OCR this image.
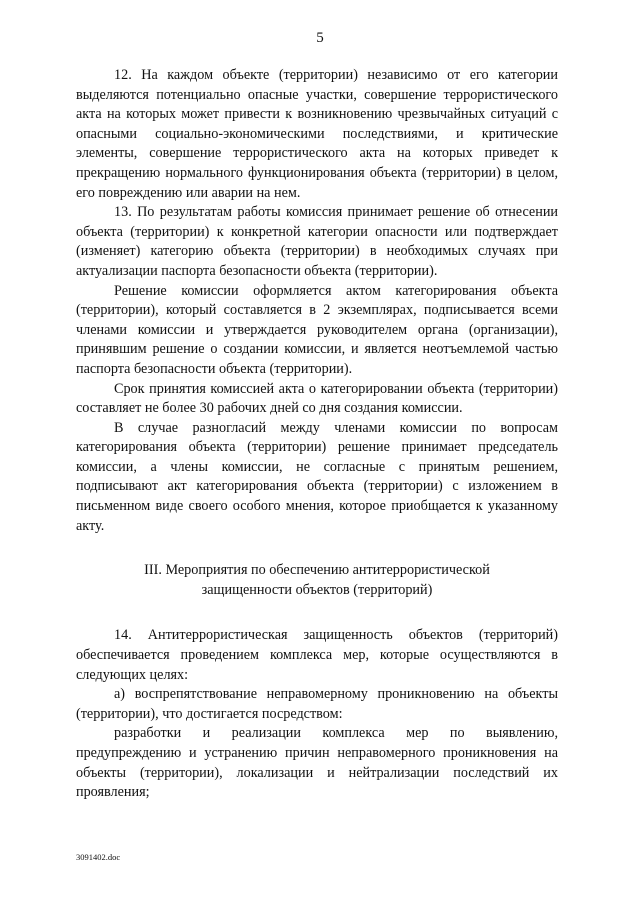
5

12. На каждом объекте (территории) независимо от его категории выделяются потенциально опасные участки, совершение террористического акта на которых может привести к возникновению чрезвычайных ситуаций с опасными социально-экономическими последствиями, и критические элементы, совершение террористического акта на которых приведет к прекращению нормального функционирования объекта (территории) в целом, его повреждению или аварии на нем.

13. По результатам работы комиссия принимает решение об отнесении объекта (территории) к конкретной категории опасности или подтверждает (изменяет) категорию объекта (территории) в необходимых случаях при актуализации паспорта безопасности объекта (территории).

Решение комиссии оформляется актом категорирования объекта (территории), который составляется в 2 экземплярах, подписывается всеми членами комиссии и утверждается руководителем органа (организации), принявшим решение о создании комиссии, и является неотъемлемой частью паспорта безопасности объекта (территории).

Срок принятия комиссией акта о категорировании объекта (территории) составляет не более 30 рабочих дней со дня создания комиссии.

В случае разногласий между членами комиссии по вопросам категорирования объекта (территории) решение принимает председатель комиссии, а члены комиссии, не согласные с принятым решением, подписывают акт категорирования объекта (территории) с изложением в письменном виде своего особого мнения, которое приобщается к указанному акту.

III. Мероприятия по обеспечению антитеррористической
защищенности объектов (территорий)

14. Антитеррористическая защищенность объектов (территорий) обеспечивается проведением комплекса мер, которые осуществляются в следующих целях:

а) воспрепятствование неправомерному проникновению на объекты (территории), что достигается посредством:

разработки и реализации комплекса мер по выявлению, предупреждению и устранению причин неправомерного проникновения на объекты (территории), локализации и нейтрализации последствий их проявления;

3091402.doc
